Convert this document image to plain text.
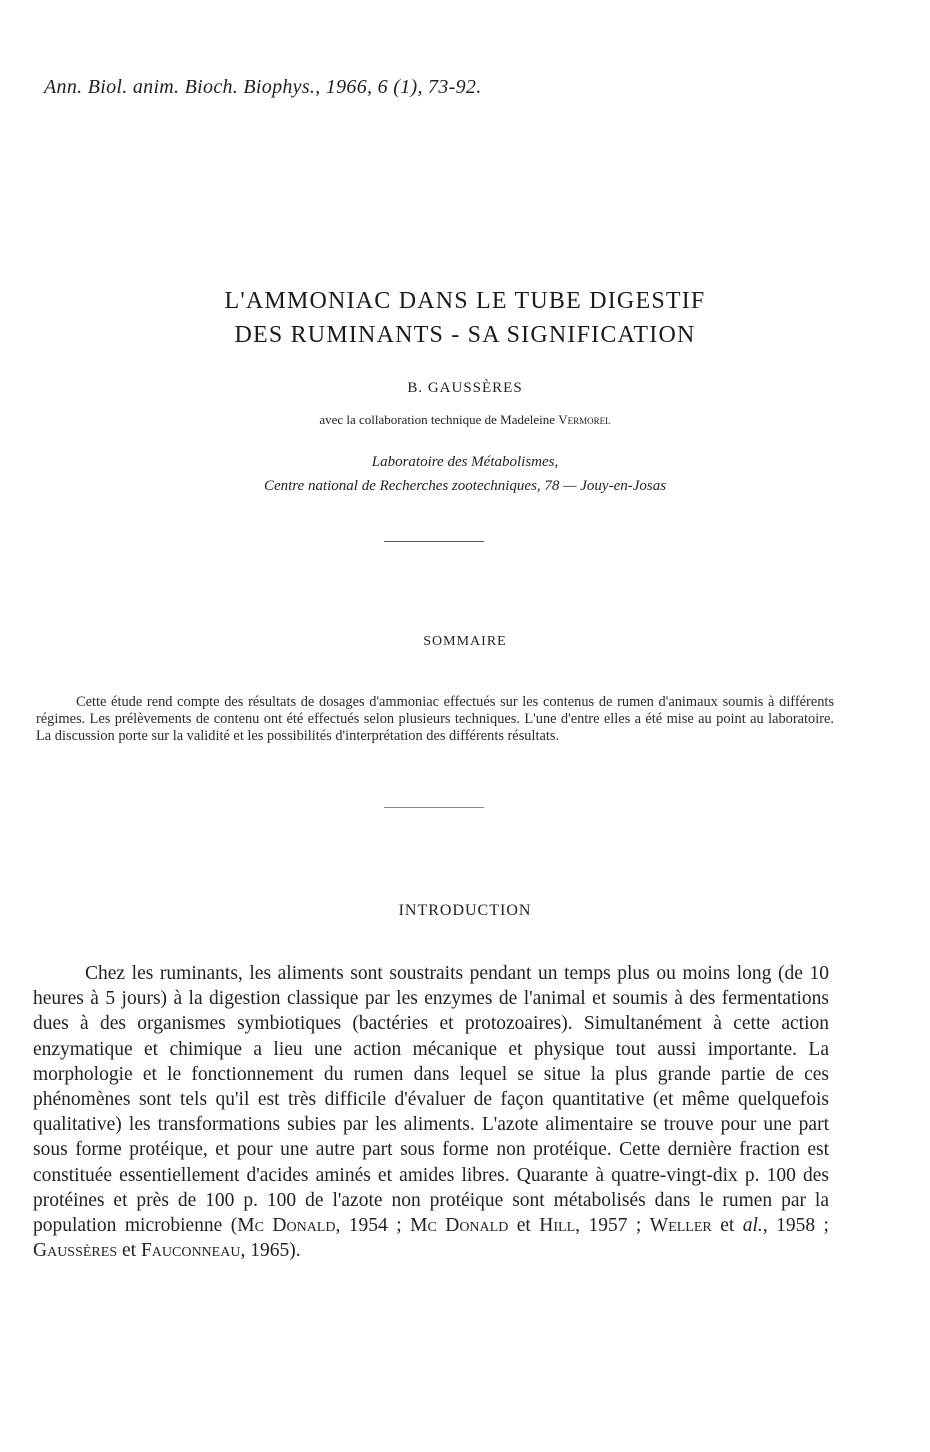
Ann. Biol. anim. Bioch. Biophys., 1966, 6 (1), 73-92.
L'AMMONIAC DANS LE TUBE DIGESTIF
DES RUMINANTS - SA SIGNIFICATION
B. GAUSSÈRES
avec la collaboration technique de Madeleine Vermorel
Laboratoire des Métabolismes,
Centre national de Recherches zootechniques, 78 — Jouy-en-Josas
SOMMAIRE
Cette étude rend compte des résultats de dosages d'ammoniac effectués sur les contenus de rumen d'animaux soumis à différents régimes. Les prélèvements de contenu ont été effectués selon plusieurs techniques. L'une d'entre elles a été mise au point au laboratoire. La discussion porte sur la validité et les possibilités d'interprétation des différents résultats.
INTRODUCTION
Chez les ruminants, les aliments sont soustraits pendant un temps plus ou moins long (de 10 heures à 5 jours) à la digestion classique par les enzymes de l'animal et soumis à des fermentations dues à des organismes symbiotiques (bactéries et protozoaires). Simultanément à cette action enzymatique et chimique a lieu une action mécanique et physique tout aussi importante. La morphologie et le fonctionnement du rumen dans lequel se situe la plus grande partie de ces phénomènes sont tels qu'il est très difficile d'évaluer de façon quantitative (et même quelquefois qualitative) les transformations subies par les aliments. L'azote alimentaire se trouve pour une part sous forme protéique, et pour une autre part sous forme non protéique. Cette dernière fraction est constituée essentiellement d'acides aminés et amides libres. Quarante à quatre-vingt-dix p. 100 des protéines et près de 100 p. 100 de l'azote non protéique sont métabolisés dans le rumen par la population microbienne (Mc Donald, 1954 ; Mc Donald et Hill, 1957 ; Weller et al., 1958 ; Gaussères et Fauconneau, 1965).
